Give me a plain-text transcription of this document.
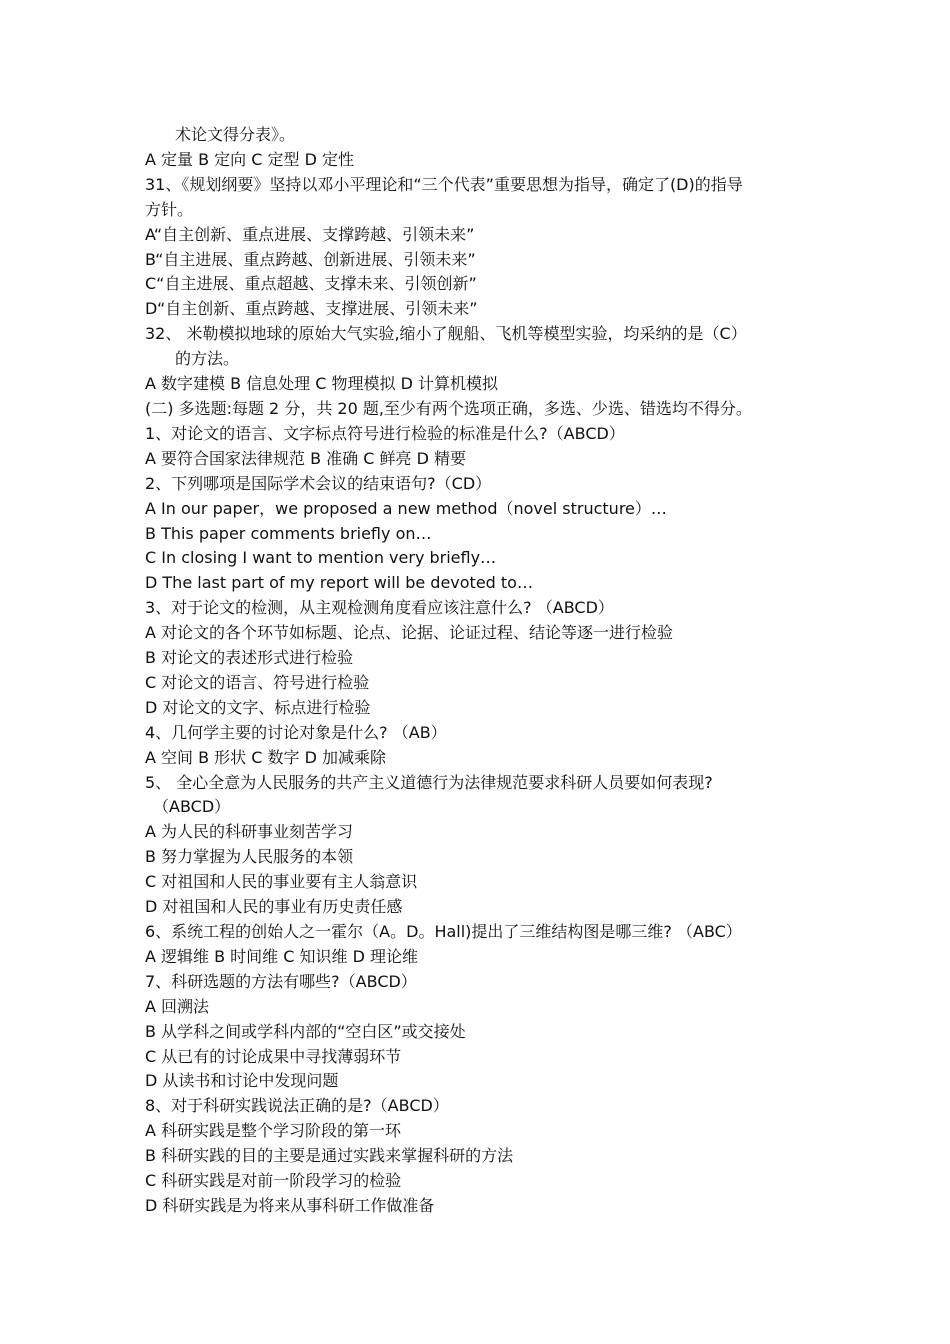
术论文得分表》。
A 定量 B 定向 C 定型 D 定性
31、《规划纲要》坚持以邓小平理论和“三个代表”重要思想为指导，确定了(D)的指导
方针。
A“自主创新、重点进展、支撑跨越、引领未来”
B“自主进展、重点跨越、创新进展、引领未来”
C“自主进展、重点超越、支撑未来、引领创新”
D“自主创新、重点跨越、支撑进展、引领未来”
32、 米勒模拟地球的原始大气实验,缩小了舰船、飞机等模型实验，均采纳的是（C）
的方法。
A 数字建模 B 信息处理 C 物理模拟 D 计算机模拟
(二) 多选题:每题 2 分，共 20 题,至少有两个选项正确，多选、少选、错选均不得分。
1、对论文的语言、文字标点符号进行检验的标准是什么?（ABCD）
A 要符合国家法律规范 B 准确 C 鲜亮 D 精要
2、下列哪项是国际学术会议的结束语句?（CD）
A In our paper，we proposed a new method（novel structure）…
B This paper comments briefly on…
C In closing I want to mention very briefly…
D The last part of my report will be devoted to…
3、对于论文的检测，从主观检测角度看应该注意什么? （ABCD）
A 对论文的各个环节如标题、论点、论据、论证过程、结论等逐一进行检验
B 对论文的表述形式进行检验
C 对论文的语言、符号进行检验
D 对论文的文字、标点进行检验
4、几何学主要的讨论对象是什么? （AB）
A 空间 B 形状 C 数字 D 加减乘除
5、 全心全意为人民服务的共产主义道德行为法律规范要求科研人员要如何表现?
（ABCD）
A 为人民的科研事业刻苦学习
B 努力掌握为人民服务的本领
C 对祖国和人民的事业要有主人翁意识
D 对祖国和人民的事业有历史责任感
6、系统工程的创始人之一霍尔（A。D。Hall)提出了三维结构图是哪三维? （ABC）
A 逻辑维 B 时间维 C 知识维 D 理论维
7、科研选题的方法有哪些?（ABCD）
A 回溯法
B 从学科之间或学科内部的“空白区”或交接处
C 从已有的讨论成果中寻找薄弱环节
D 从读书和讨论中发现问题
8、对于科研实践说法正确的是?（ABCD）
A 科研实践是整个学习阶段的第一环
B 科研实践的目的主要是通过实践来掌握科研的方法
C 科研实践是对前一阶段学习的检验
D 科研实践是为将来从事科研工作做准备
